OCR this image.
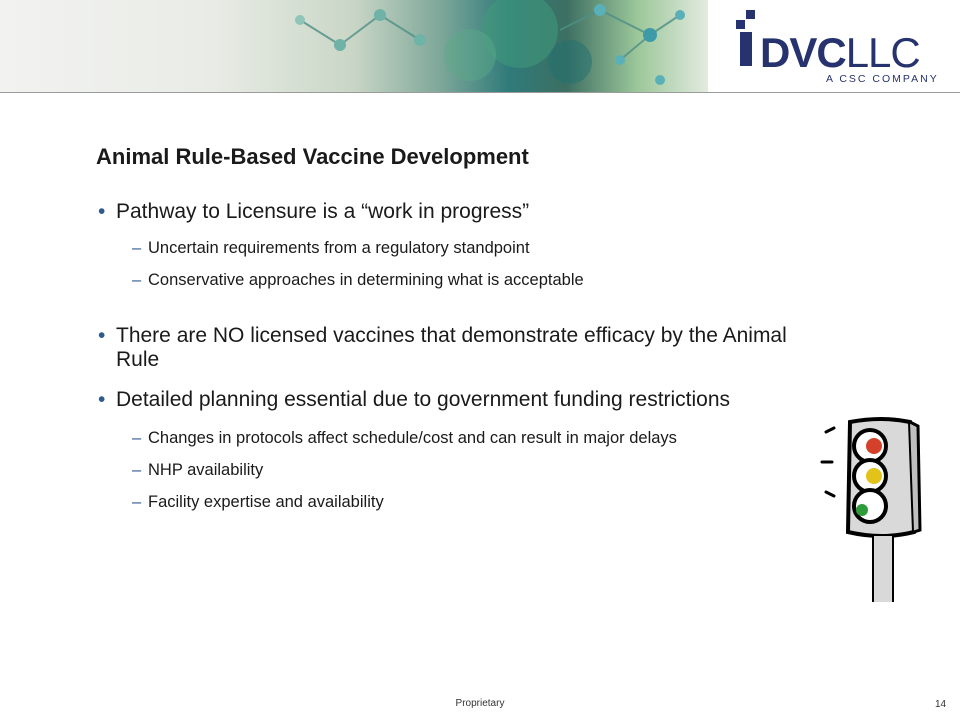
DVCLLC
A CSC COMPANY
Animal Rule-Based Vaccine Development
• Pathway to Licensure is a “work in progress”
– Uncertain requirements from a regulatory standpoint
– Conservative approaches in determining what is acceptable
• There are NO licensed vaccines that demonstrate efficacy by the Animal Rule
• Detailed planning essential due to government funding restrictions
– Changes in protocols affect schedule/cost and can result in major delays
– NHP availability
– Facility expertise and availability
Proprietary	14
